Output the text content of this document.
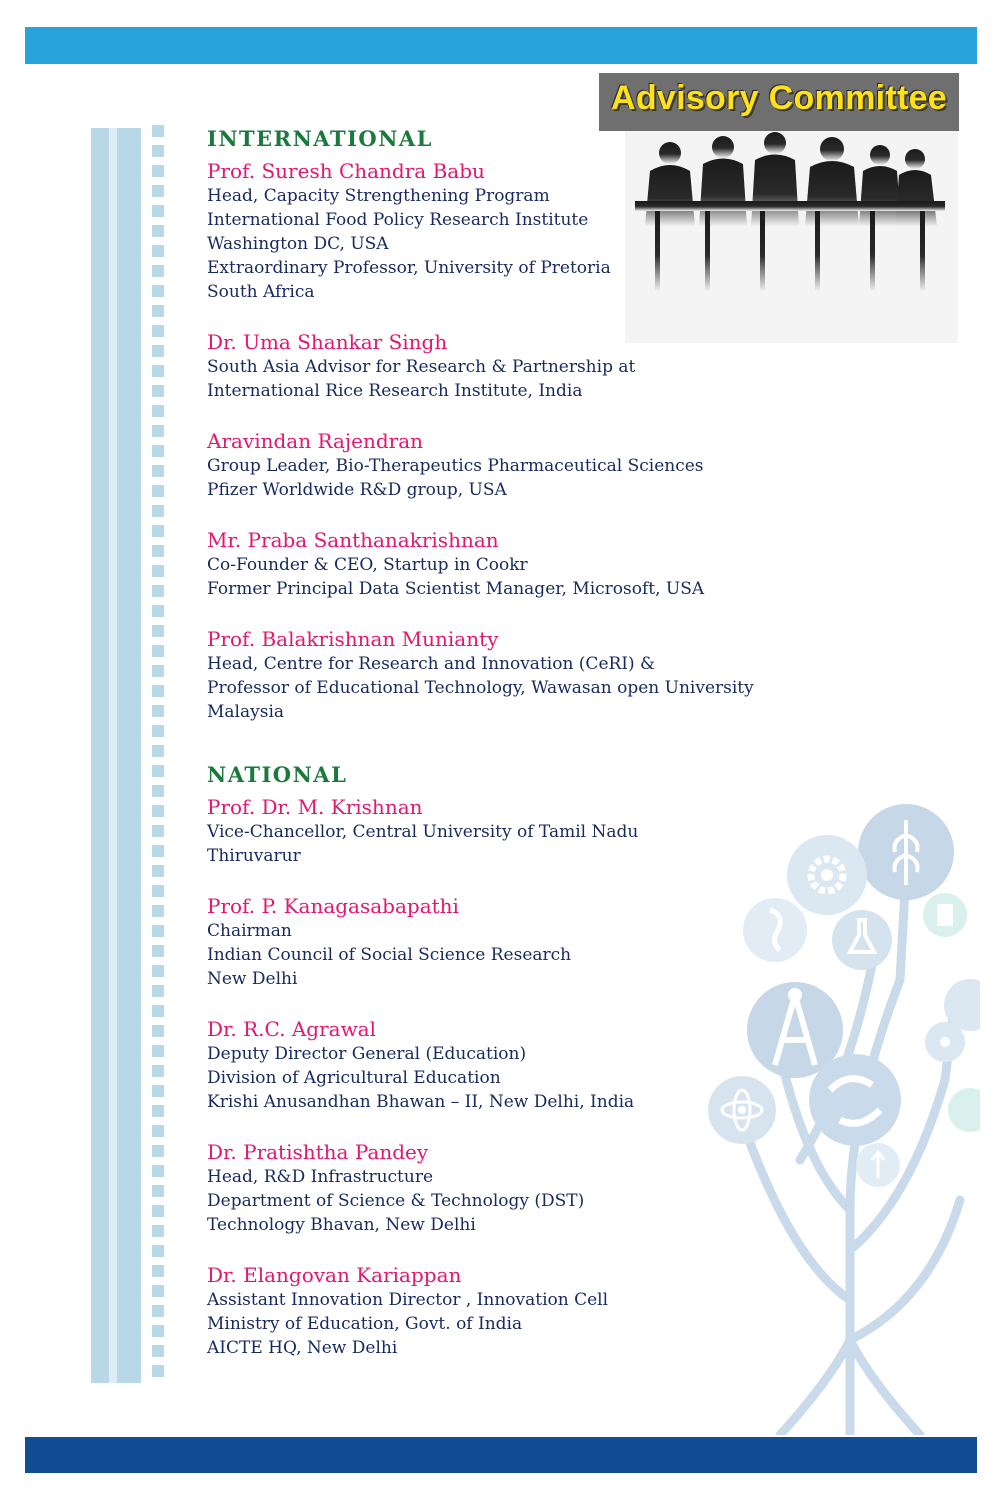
Advisory Committee
INTERNATIONAL
Prof. Suresh Chandra Babu
Head, Capacity Strengthening Program
International Food Policy Research Institute
Washington DC, USA
Extraordinary Professor, University of Pretoria
South Africa
Dr. Uma Shankar Singh
South Asia Advisor for Research & Partnership at
International Rice Research Institute, India
Aravindan Rajendran
Group Leader, Bio-Therapeutics Pharmaceutical Sciences
Pfizer Worldwide R&D group, USA
Mr. Praba Santhanakrishnan
Co-Founder & CEO, Startup in Cookr
Former Principal Data Scientist Manager, Microsoft, USA
Prof. Balakrishnan Munianty
Head, Centre for Research and Innovation (CeRI) &
Professor of Educational Technology, Wawasan open University
Malaysia
NATIONAL
Prof. Dr. M. Krishnan
Vice-Chancellor, Central University of Tamil Nadu
Thiruvarur
Prof. P. Kanagasabapathi
Chairman
Indian Council of Social Science Research
New Delhi
Dr. R.C. Agrawal
Deputy Director General (Education)
Division of Agricultural Education
Krishi Anusandhan Bhawan – II, New Delhi, India
Dr. Pratishtha Pandey
Head, R&D Infrastructure
Department of Science & Technology (DST)
Technology Bhavan, New Delhi
Dr. Elangovan Kariappan
Assistant Innovation Director , Innovation Cell
Ministry of Education, Govt. of India
AICTE HQ, New Delhi
